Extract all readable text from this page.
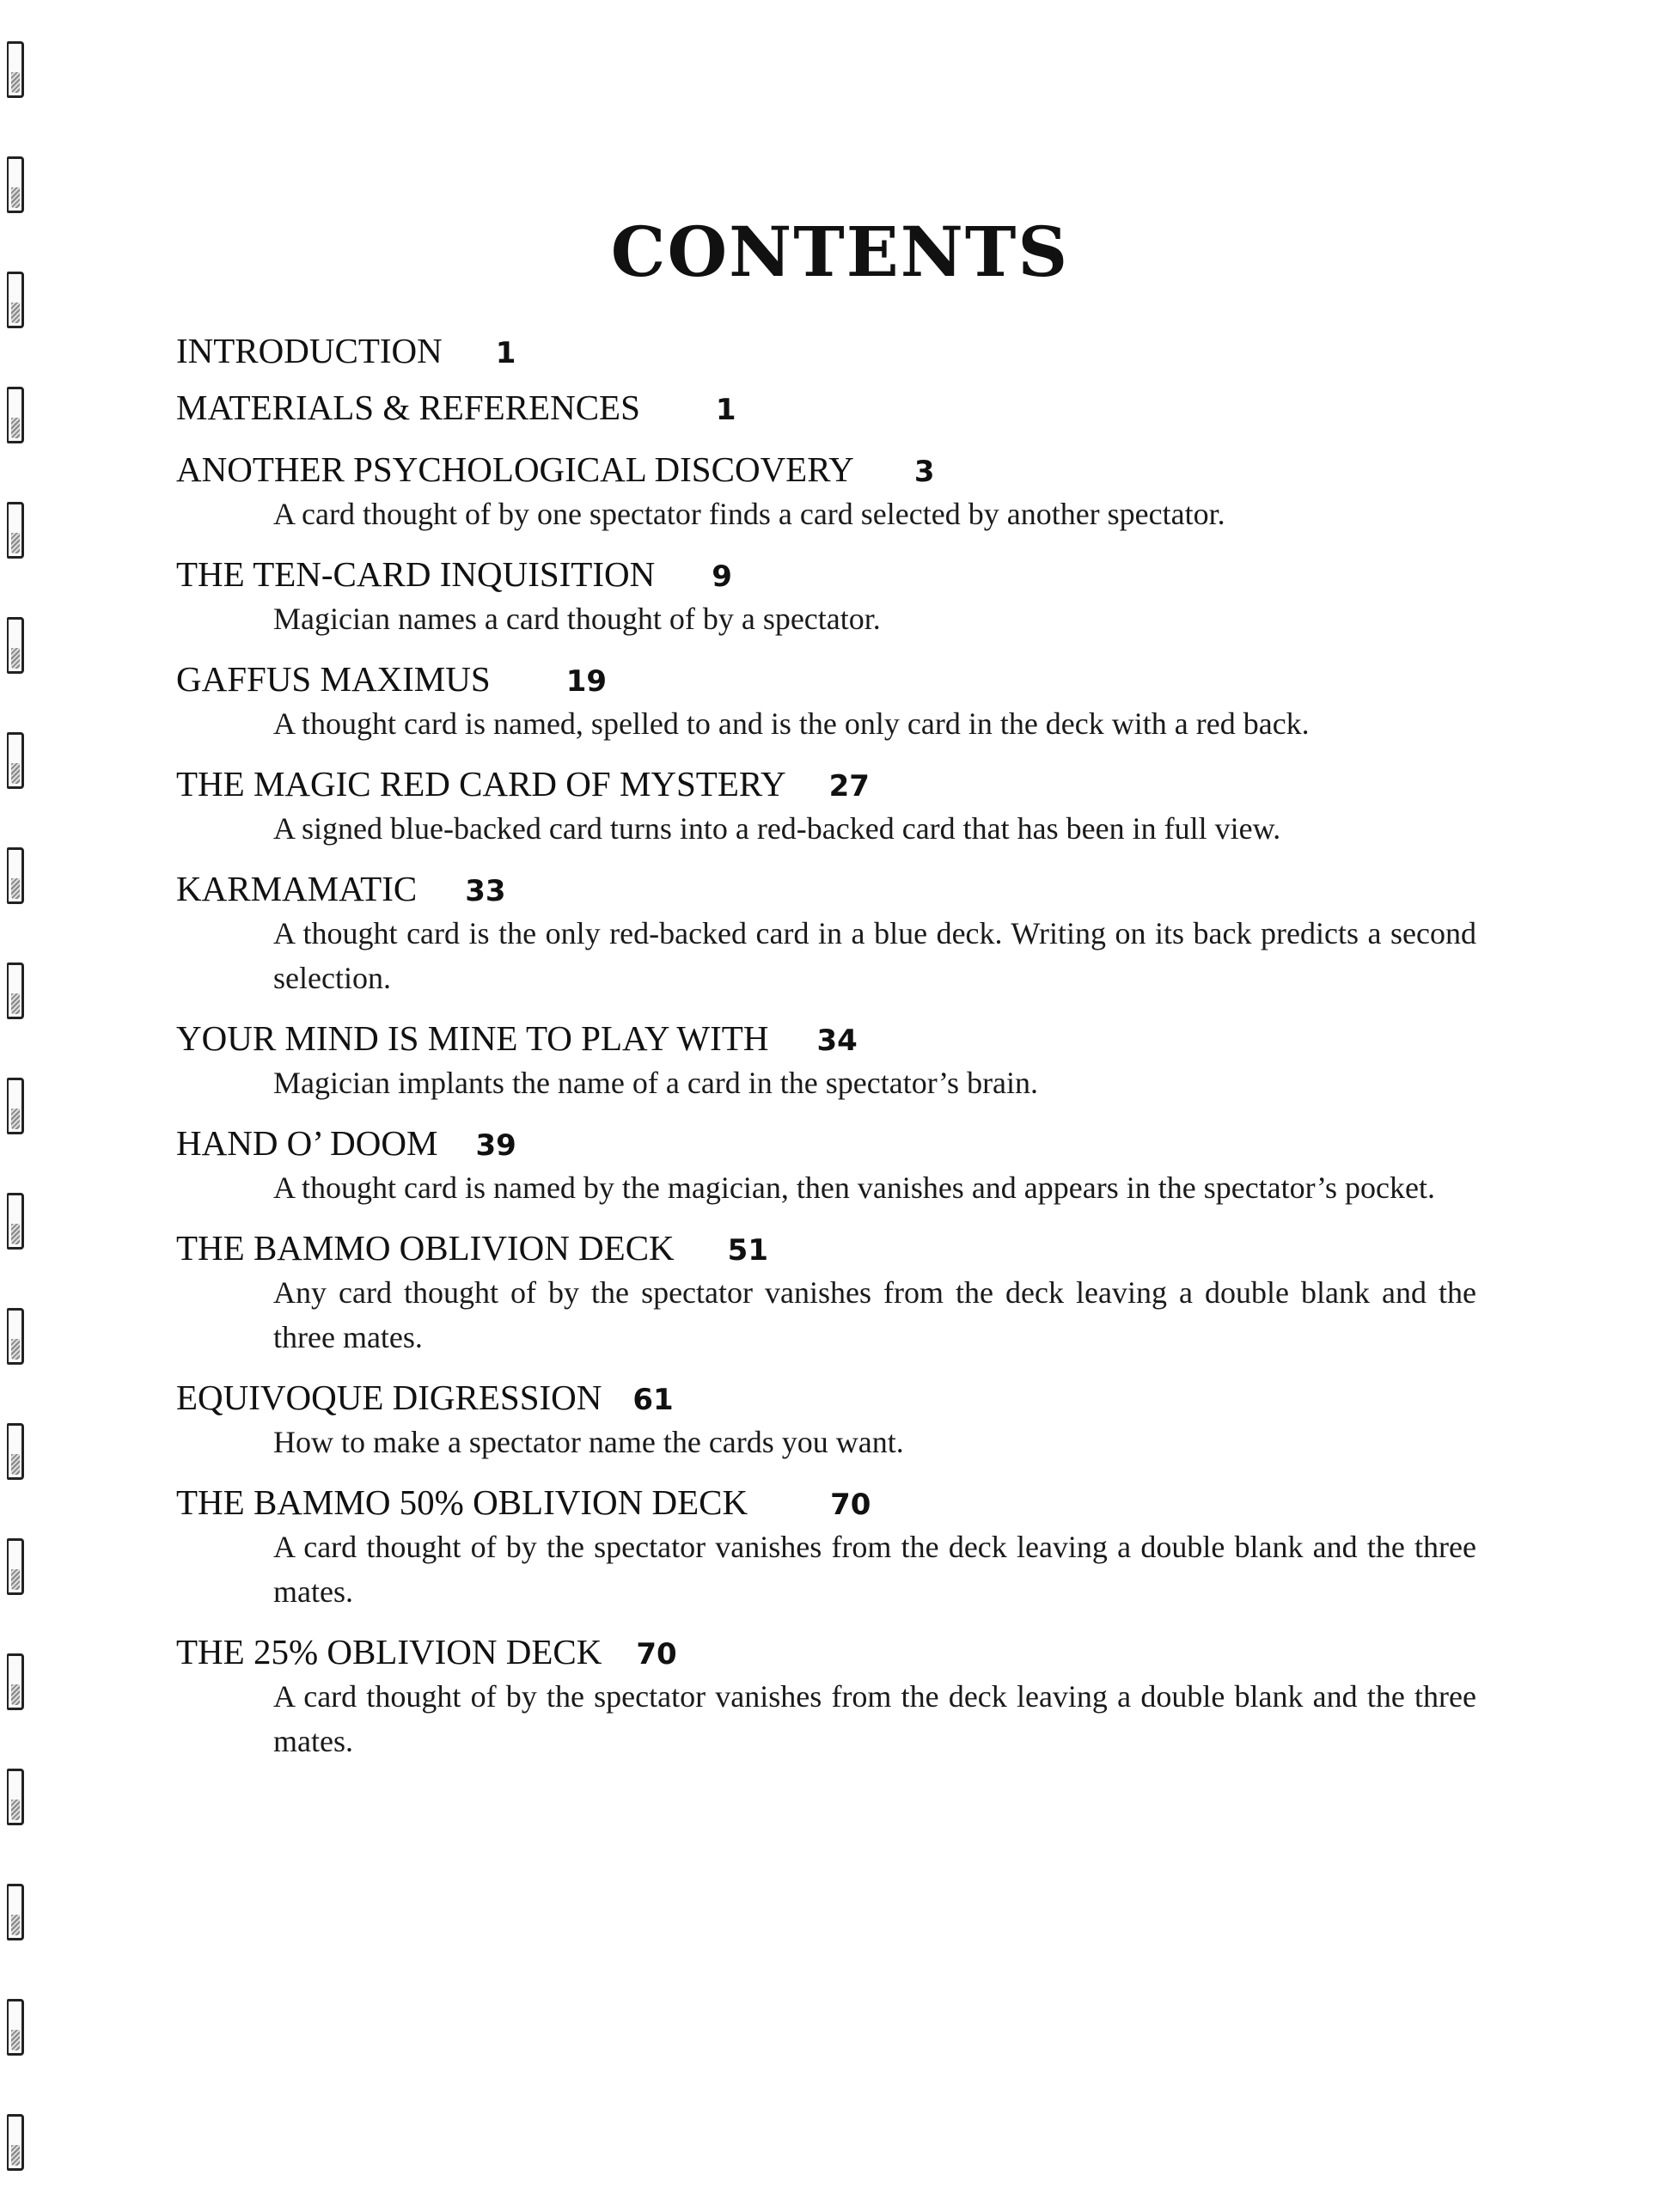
CONTENTS
INTRODUCTION 1
MATERIALS & REFERENCES	1
ANOTHER PSYCHOLOGICAL DISCOVERY 3
A card thought of by one spectator finds a card selected by another spectator.
THE TEN-CARD INQUISITION 9
Magician names a card thought of by a spectator.
GAFFUS MAXIMUS	19
A thought card is named, spelled to and is the only card in the deck with a red back.
THE MAGIC RED CARD OF MYSTERY 27
A signed blue-backed card turns into a red-backed card that has been in full view.
KARMAMATIC 33
A thought card is the only red-backed card in a blue deck. Writing on its back predicts a second selection.
YOUR MIND IS MINE TO PLAY WITH 34
Magician implants the name of a card in the spectator’s brain.
HAND O’ DOOM 39
A thought card is named by the magician, then vanishes and appears in the spectator’s pocket.
THE BAMMO OBLIVION DECK 51
Any card thought of by the spectator vanishes from the deck leaving a double blank and the three mates.
EQUIVOQUE DIGRESSION 61
How to make a spectator name the cards you want.
THE BAMMO 50% OBLIVION DECK	70
A card thought of by the spectator vanishes from the deck leaving a double blank and the three mates.
THE 25% OBLIVION DECK 70
A card thought of by the spectator vanishes from the deck leaving a double blank and the three mates.
